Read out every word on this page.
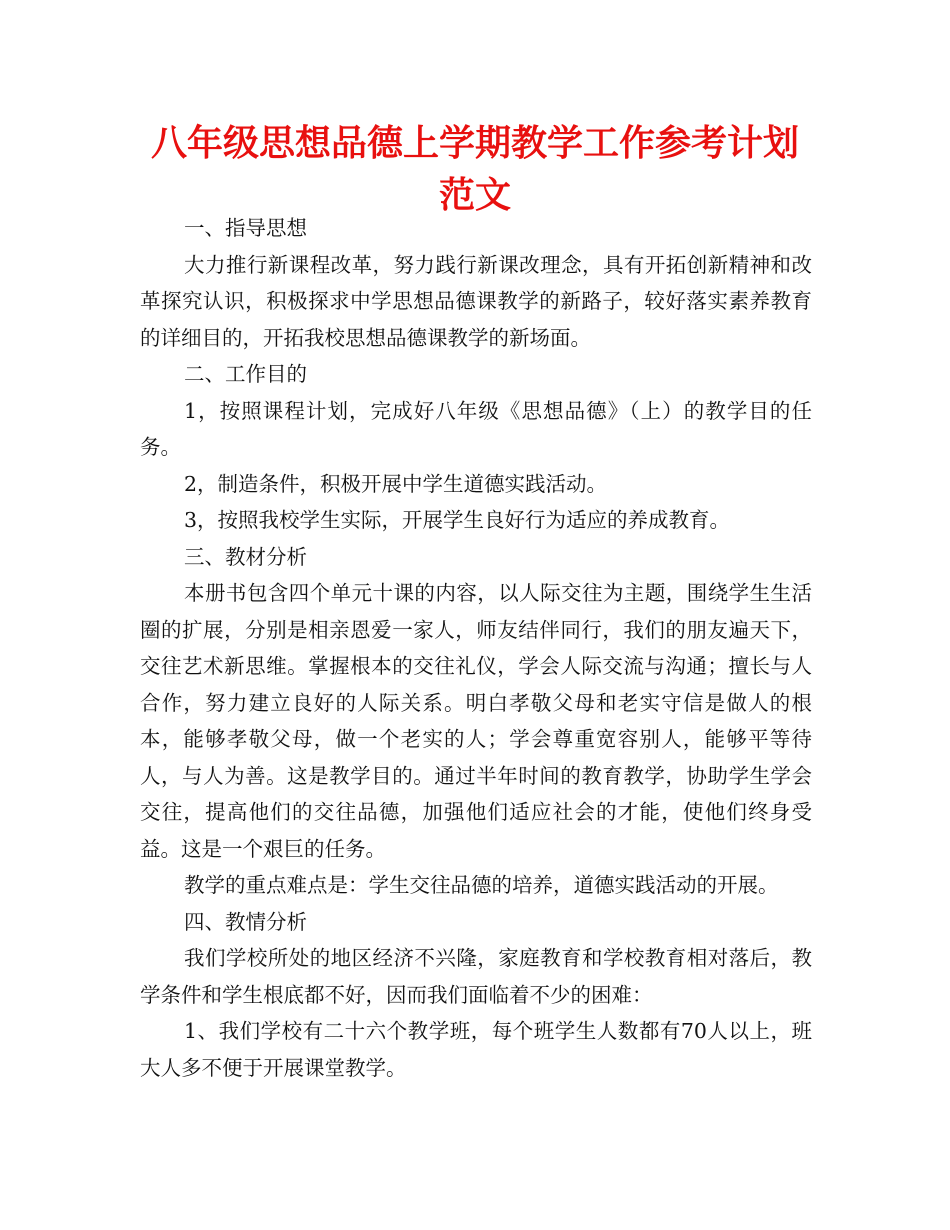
八年级思想品德上学期教学工作参考计划范文

一、指导思想

大力推行新课程改革，努力践行新课改理念，具有开拓创新精神和改革探究认识，积极探求中学思想品德课教学的新路子，较好落实素养教育的详细目的，开拓我校思想品德课教学的新场面。

二、工作目的

1，按照课程计划，完成好八年级《思想品德》（上）的教学目的任务。

2，制造条件，积极开展中学生道德实践活动。

3，按照我校学生实际，开展学生良好行为适应的养成教育。

三、教材分析

本册书包含四个单元十课的内容，以人际交往为主题，围绕学生生活圈的扩展，分别是相亲恩爱一家人，师友结伴同行，我们的朋友遍天下，交往艺术新思维。掌握根本的交往礼仪，学会人际交流与沟通；擅长与人合作，努力建立良好的人际关系。明白孝敬父母和老实守信是做人的根本，能够孝敬父母，做一个老实的人；学会尊重宽容别人，能够平等待人，与人为善。这是教学目的。通过半年时间的教育教学，协助学生学会交往，提高他们的交往品德，加强他们适应社会的才能，使他们终身受益。这是一个艰巨的任务。

教学的重点难点是：学生交往品德的培养，道德实践活动的开展。

四、教情分析

我们学校所处的地区经济不兴隆，家庭教育和学校教育相对落后，教学条件和学生根底都不好，因而我们面临着不少的困难：

1、我们学校有二十六个教学班，每个班学生人数都有70人以上，班大人多不便于开展课堂教学。
